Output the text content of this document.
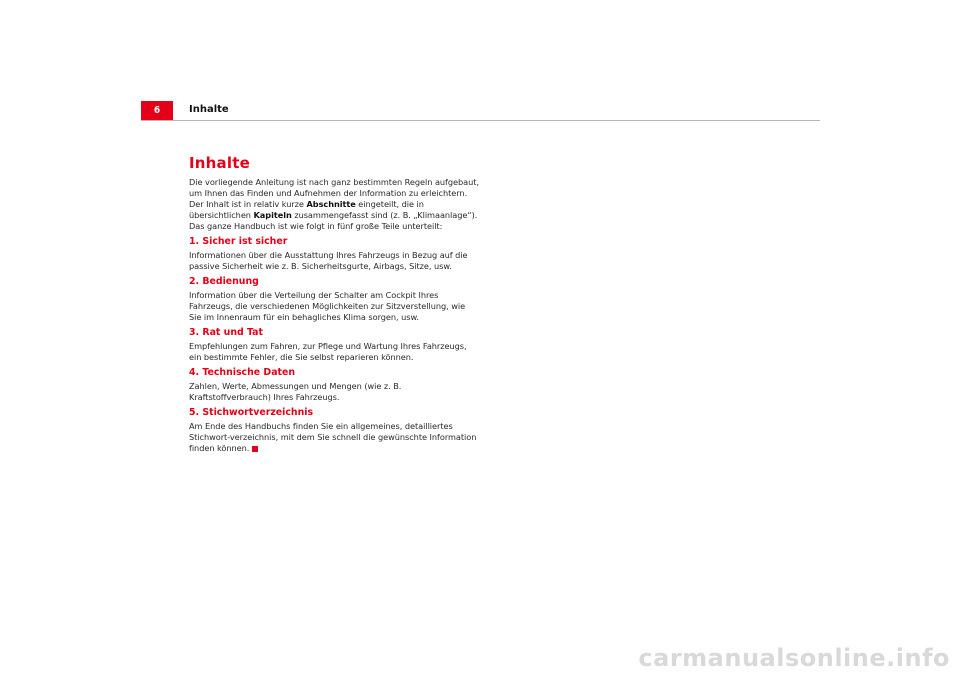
6	Inhalte
Inhalte

Die vorliegende Anleitung ist nach ganz bestimmten Regeln aufgebaut, um Ihnen das Finden und Aufnehmen der Information zu erleichtern. Der Inhalt ist in relativ kurze Abschnitte eingeteilt, die in übersichtlichen Kapiteln zusammengefasst sind (z. B. „Klimaanlage“). Das ganze Handbuch ist wie folgt in fünf große Teile unterteilt:

1. Sicher ist sicher

Informationen über die Ausstattung Ihres Fahrzeugs in Bezug auf die passive Sicherheit wie z. B. Sicherheitsgurte, Airbags, Sitze, usw.

2. Bedienung

Information über die Verteilung der Schalter am Cockpit Ihres Fahrzeugs, die verschiedenen Möglichkeiten zur Sitzverstellung, wie Sie im Innenraum für ein behagliches Klima sorgen, usw.

3. Rat und Tat

Empfehlungen zum Fahren, zur Pflege und Wartung Ihres Fahrzeugs, ein bestimmte Fehler, die Sie selbst reparieren können.

4. Technische Daten

Zahlen, Werte, Abmessungen und Mengen (wie z. B. Kraftstoffverbrauch) Ihres Fahrzeugs.

5. Stichwortverzeichnis

Am Ende des Handbuchs finden Sie ein allgemeines, detailliertes Stichwort-verzeichnis, mit dem Sie schnell die gewünschte Information finden können.

carmanualsonline.info
